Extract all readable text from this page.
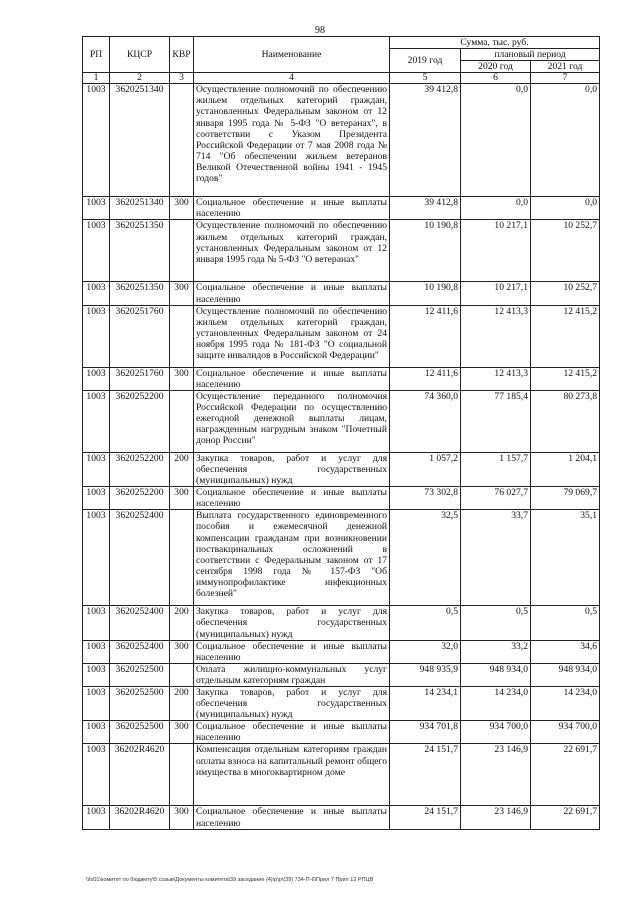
98
РП	КЦСР	КВР	Наименование	Сумма, тыс. руб.		
				2019 год	плановый период	
					2020 год	2021 год
1	2	3	4	5	6	7
1003	3620251340		Осуществление полномочий по обеспечению жильем отдельных категорий граждан, установленных Федеральным законом от 12 января 1995 года № 5-ФЗ "О ветеранах", в соответствии с Указом Президента Российской Федерации от 7 мая 2008 года № 714 "Об обеспечении жильем ветеранов Великой Отечественной войны 1941 - 1945 годов"	39 412,8	0,0	0,0
1003	3620251340	300	Социальное обеспечение и иные выплаты населению	39 412,8	0,0	0,0
1003	3620251350		Осуществление полномочий по обеспечению жильем отдельных категорий граждан, установленных Федеральным законом от 12 января 1995 года № 5-ФЗ "О ветеранах"	10 190,8	10 217,1	10 252,7
1003	3620251350	300	Социальное обеспечение и иные выплаты населению	10 190,8	10 217,1	10 252,7
1003	3620251760		Осуществление полномочий по обеспечению жильем отдельных категорий граждан, установленных Федеральным законом от 24 ноября 1995 года № 181-ФЗ "О социальной защите инвалидов в Российской Федерации"	12 411,6	12 413,3	12 415,2
1003	3620251760	300	Социальное обеспечение и иные выплаты населению	12 411,6	12 413,3	12 415,2
1003	3620252200		Осуществление переданного полномочия Российской Федерации по осуществлению ежегодной денежной выплаты лицам, награжденным нагрудным знаком "Почетный донор России"	74 360,0	77 185,4	80 273,8
1003	3620252200	200	Закупка товаров, работ и услуг для обеспечения государственных (муниципальных) нужд	1 057,2	1 157,7	1 204,1
1003	3620252200	300	Социальное обеспечение и иные выплаты населению	73 302,8	76 027,7	79 069,7
1003	3620252400		Выплата государственного единовременного пособия и ежемесячной денежной компенсации гражданам при возникновении поствакцинальных осложнений в соответствии с Федеральным законом от 17 сентября 1998 года № 157-ФЗ "Об иммунопрофилактике инфекционных болезней"	32,5	33,7	35,1
1003	3620252400	200	Закупка товаров, работ и услуг для обеспечения государственных (муниципальных) нужд	0,5	0,5	0,5
1003	3620252400	300	Социальное обеспечение и иные выплаты населению	32,0	33,2	34,6
1003	3620252500		Оплата жилищно-коммунальных услуг отдельным категориям граждан	948 935,9	948 934,0	948 934,0
1003	3620252500	200	Закупка товаров, работ и услуг для обеспечения государственных (муниципальных) нужд	14 234,1	14 234,0	14 234,0
1003	3620252500	300	Социальное обеспечение и иные выплаты населению	934 701,8	934 700,0	934 700,0
1003	36202R4620		Компенсация отдельным категориям граждан оплаты взноса на капитальный ремонт общего имущества в многоквартирном доме	24 151,7	23 146,9	22 691,7
1003	36202R4620	300	Социальное обеспечение и иные выплаты населению	24 151,7	23 146,9	22 691,7
\\fs01\комитет по бюджету\5 созыв\Документы комитета\39 заседание (4)\р\р\(39) 734-П-6\Прил 7 Прил 12 РПЦВ
